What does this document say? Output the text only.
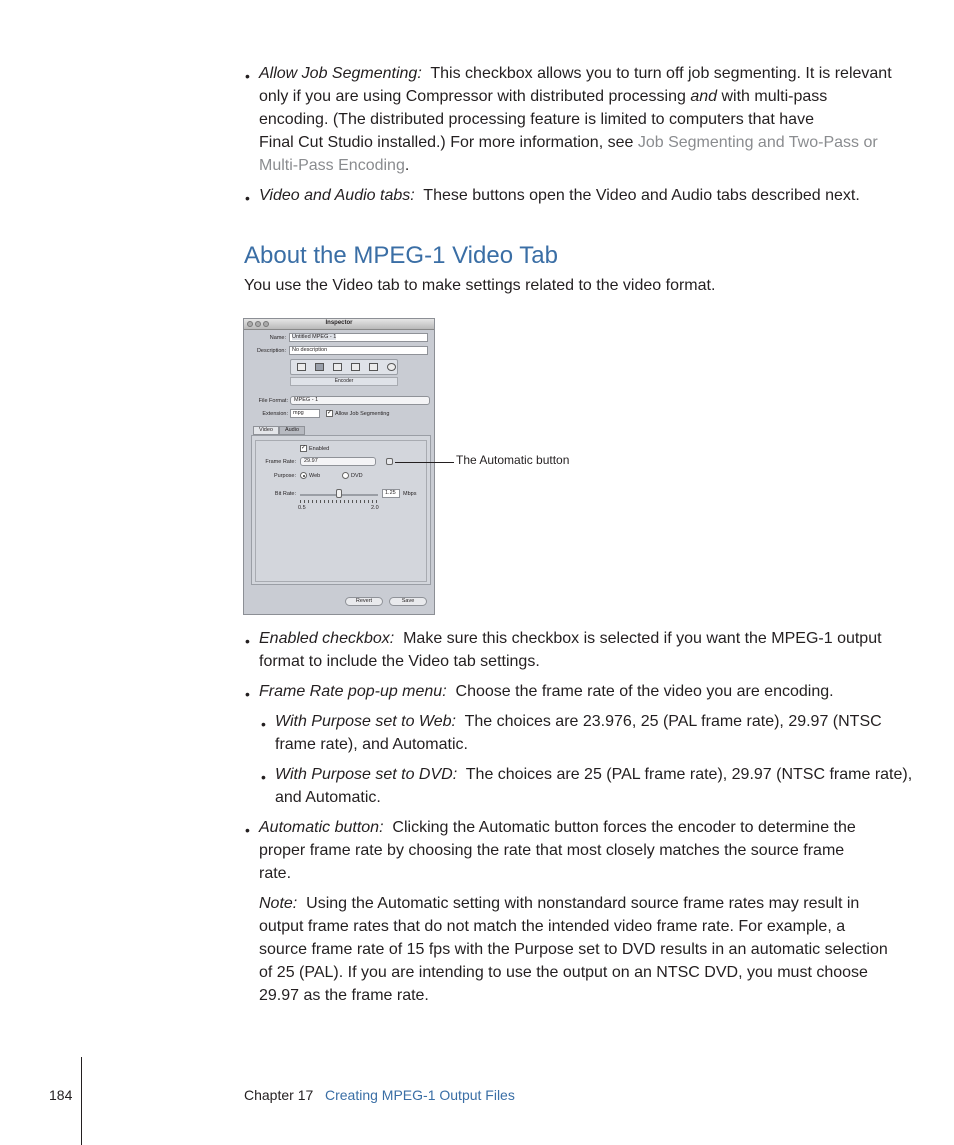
• Allow Job Segmenting: This checkbox allows you to turn off job segmenting. It is relevant
only if you are using Compressor with distributed processing and with multi-pass
encoding. (The distributed processing feature is limited to computers that have
Final Cut Studio installed.) For more information, see Job Segmenting and Two-Pass or
Multi-Pass Encoding.
• Video and Audio tabs: These buttons open the Video and Audio tabs described next.
About the MPEG-1 Video Tab
You use the Video tab to make settings related to the video format.
Inspector
Name:	Untitled MPEG - 1
Description:	No description
Encoder
File Format:	MPEG - 1
Extension: mpg	✓ Allow Job Segmenting
Video	Audio
✓ Enabled
Frame Rate:	29.97
Purpose: Web	DVD
Bit Rate:
0.5	2.0
1.25	Mbps
Revert	Save
The Automatic button
• Enabled checkbox: Make sure this checkbox is selected if you want the MPEG-1 output
format to include the Video tab settings.
• Frame Rate pop-up menu: Choose the frame rate of the video you are encoding.
• With Purpose set to Web: The choices are 23.976, 25 (PAL frame rate), 29.97 (NTSC
frame rate), and Automatic.
• With Purpose set to DVD: The choices are 25 (PAL frame rate), 29.97 (NTSC frame rate),
and Automatic.
• Automatic button: Clicking the Automatic button forces the encoder to determine the
proper frame rate by choosing the rate that most closely matches the source frame
rate.
Note: Using the Automatic setting with nonstandard source frame rates may result in
output frame rates that do not match the intended video frame rate. For example, a
source frame rate of 15 fps with the Purpose set to DVD results in an automatic selection
of 25 (PAL). If you are intending to use the output on an NTSC DVD, you must choose
29.97 as the frame rate.
184	Chapter 17 Creating MPEG-1 Output Files
